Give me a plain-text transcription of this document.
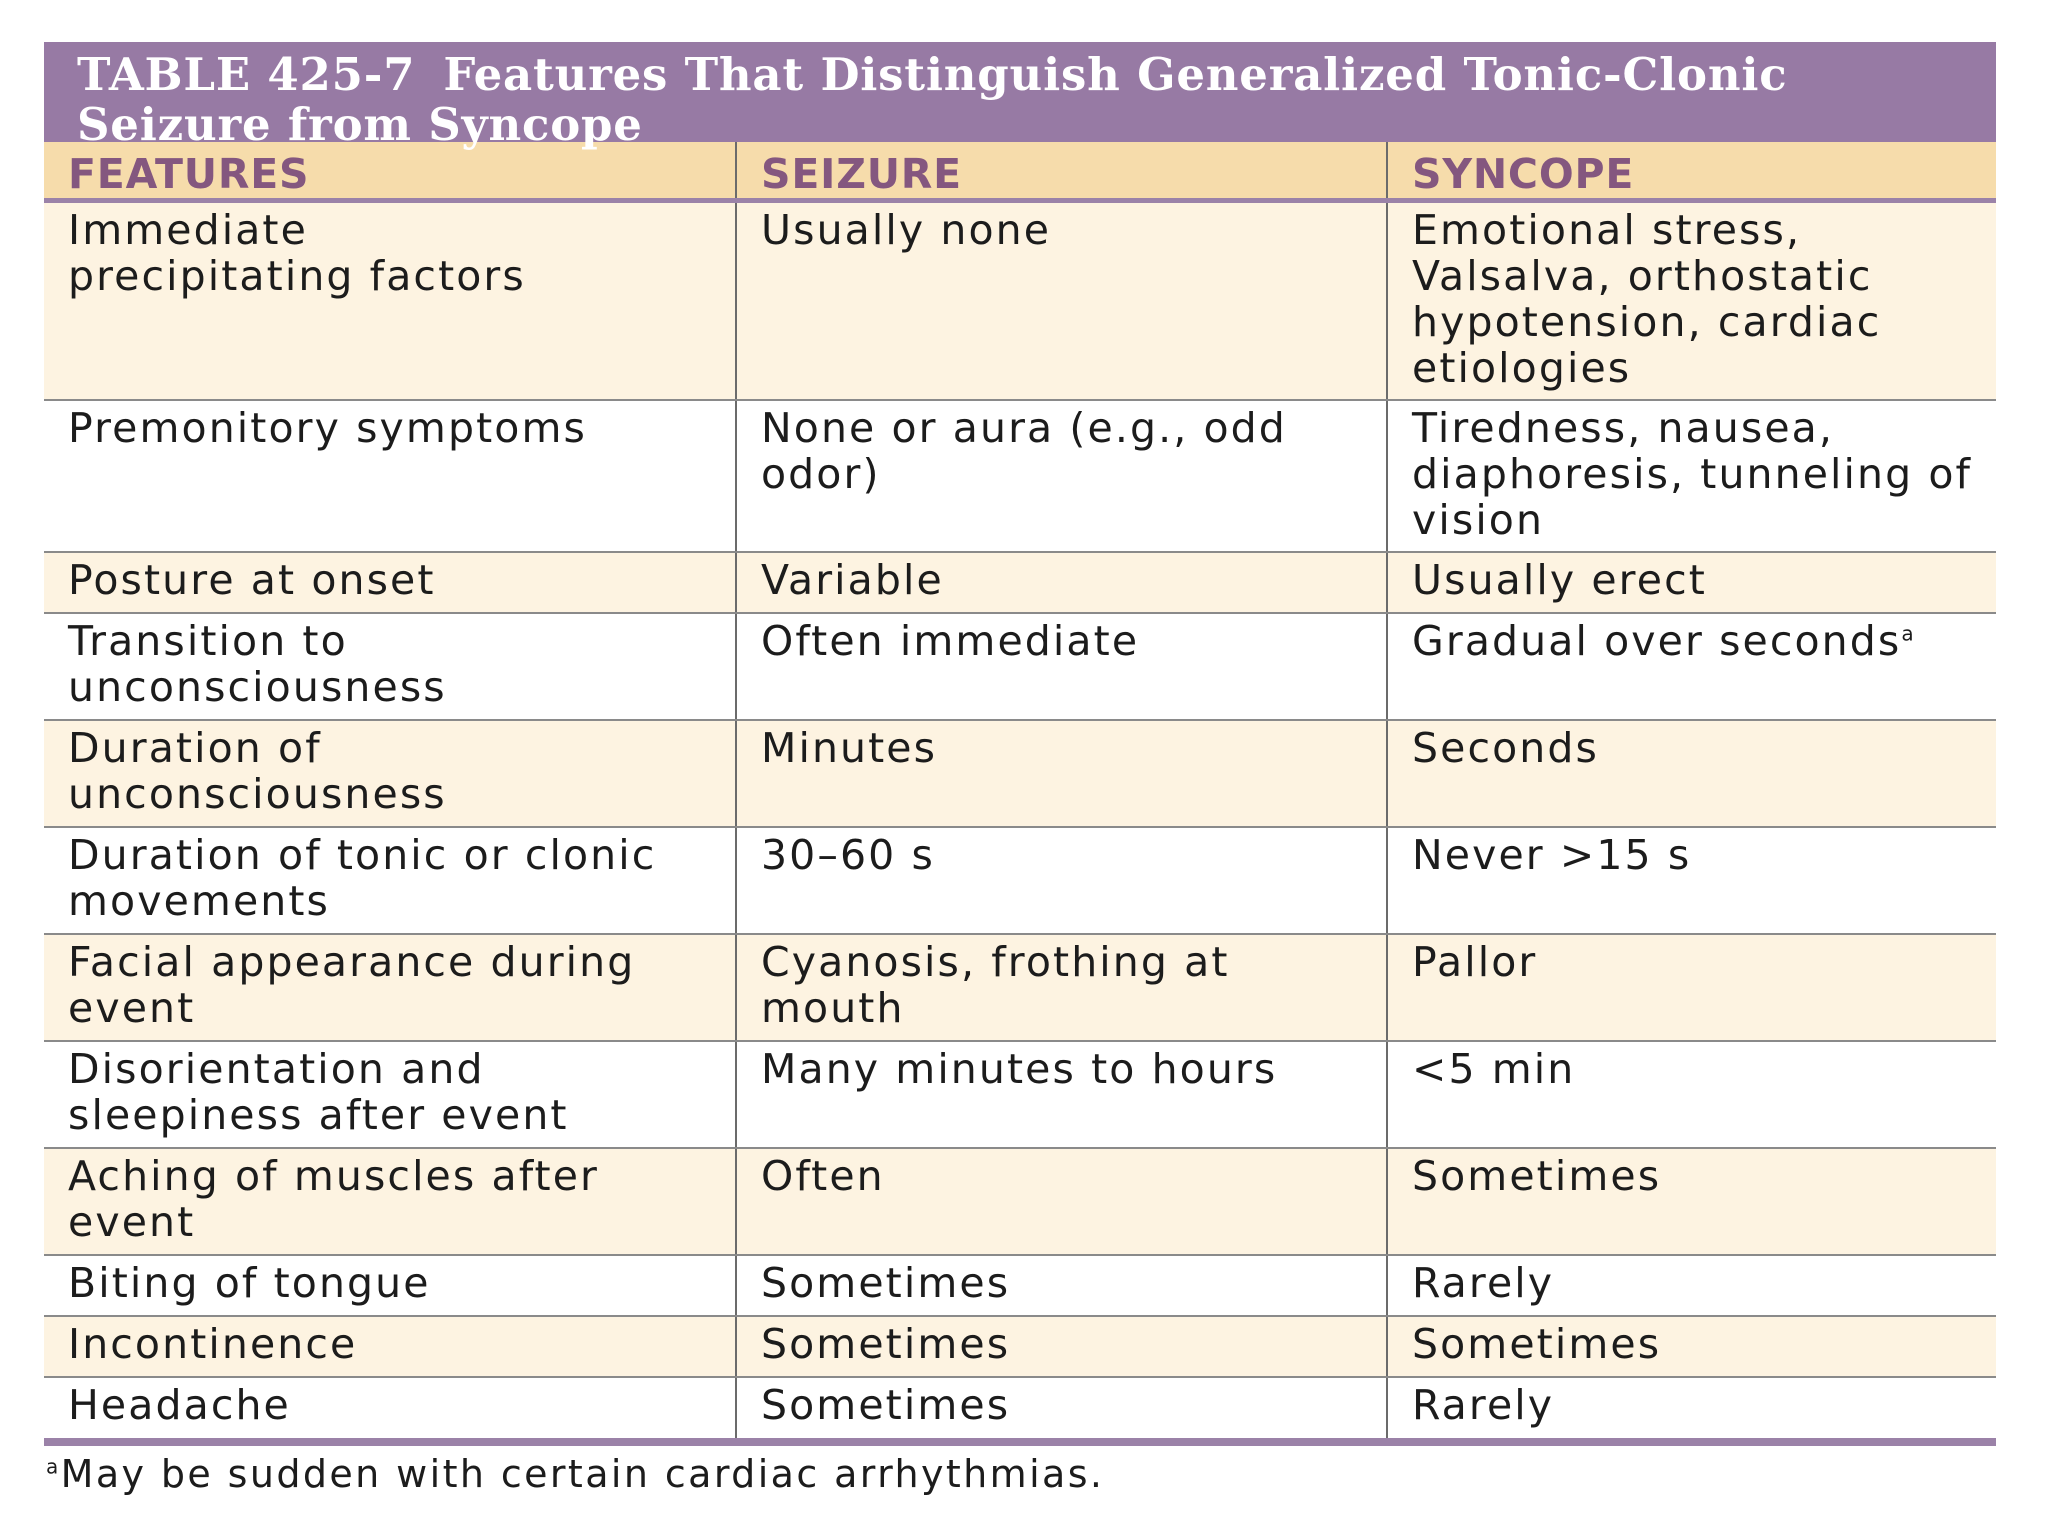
TABLE 425-7 Features That Distinguish Generalized Tonic-Clonic
Seizure from Syncope
FEATURES	SEIZURE	SYNCOPE
Immediate precipitating factors	Usually none	Emotional stress, Valsalva, orthostatic hypotension, cardiac etiologies
Premonitory symptoms	None or aura (e.g., odd odor)	Tiredness, nausea, diaphoresis, tunneling of vision
Posture at onset	Variable	Usually erect
Transition to unconsciousness	Often immediate	Gradual over seconds$^a$
Duration of unconsciousness	Minutes	Seconds
Duration of tonic or clonic movements	30–60 s	Never >15 s
Facial appearance during event	Cyanosis, frothing at mouth	Pallor
Disorientation and sleepiness after event	Many minutes to hours	<5 min
Aching of muscles after event	Often	Sometimes
Biting of tongue	Sometimes	Rarely
Incontinence	Sometimes	Sometimes
Headache	Sometimes	Rarely
$^a$May be sudden with certain cardiac arrhythmias.
